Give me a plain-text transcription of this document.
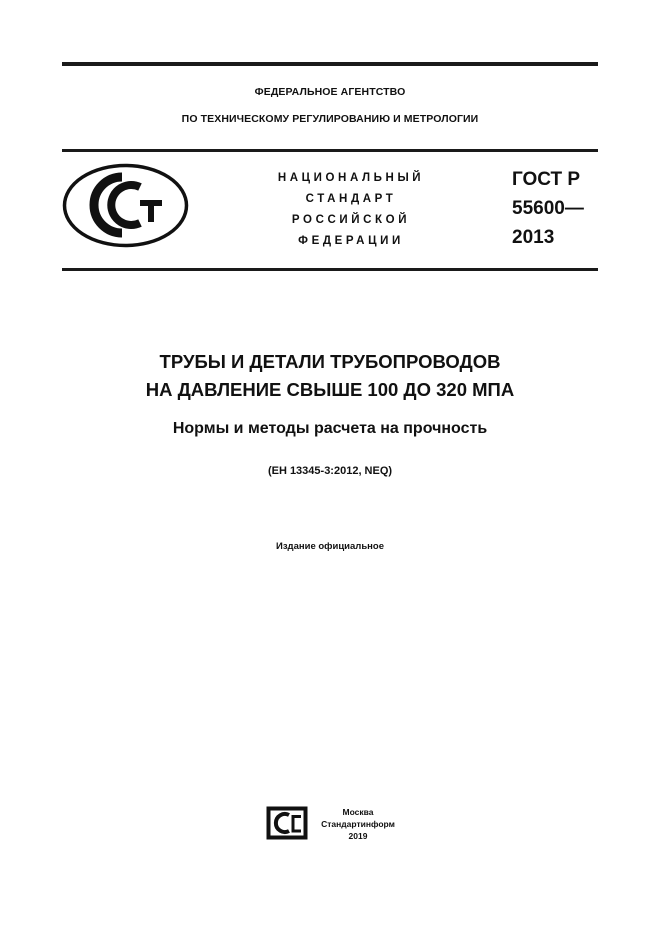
ФЕДЕРАЛЬНОЕ АГЕНТСТВО
ПО ТЕХНИЧЕСКОМУ РЕГУЛИРОВАНИЮ И МЕТРОЛОГИИ
НАЦИОНАЛЬНЫЙ
СТАНДАРТ
РОССИЙСКОЙ
ФЕДЕРАЦИИ
ГОСТ Р
55600—
2013
ТРУБЫ И ДЕТАЛИ ТРУБОПРОВОДОВ
НА ДАВЛЕНИЕ СВЫШЕ 100 ДО 320 МПА
Нормы и методы расчета на прочность
(ЕН 13345-3:2012, NEQ)
Издание официальное
Москва
Стандартинформ
2019
